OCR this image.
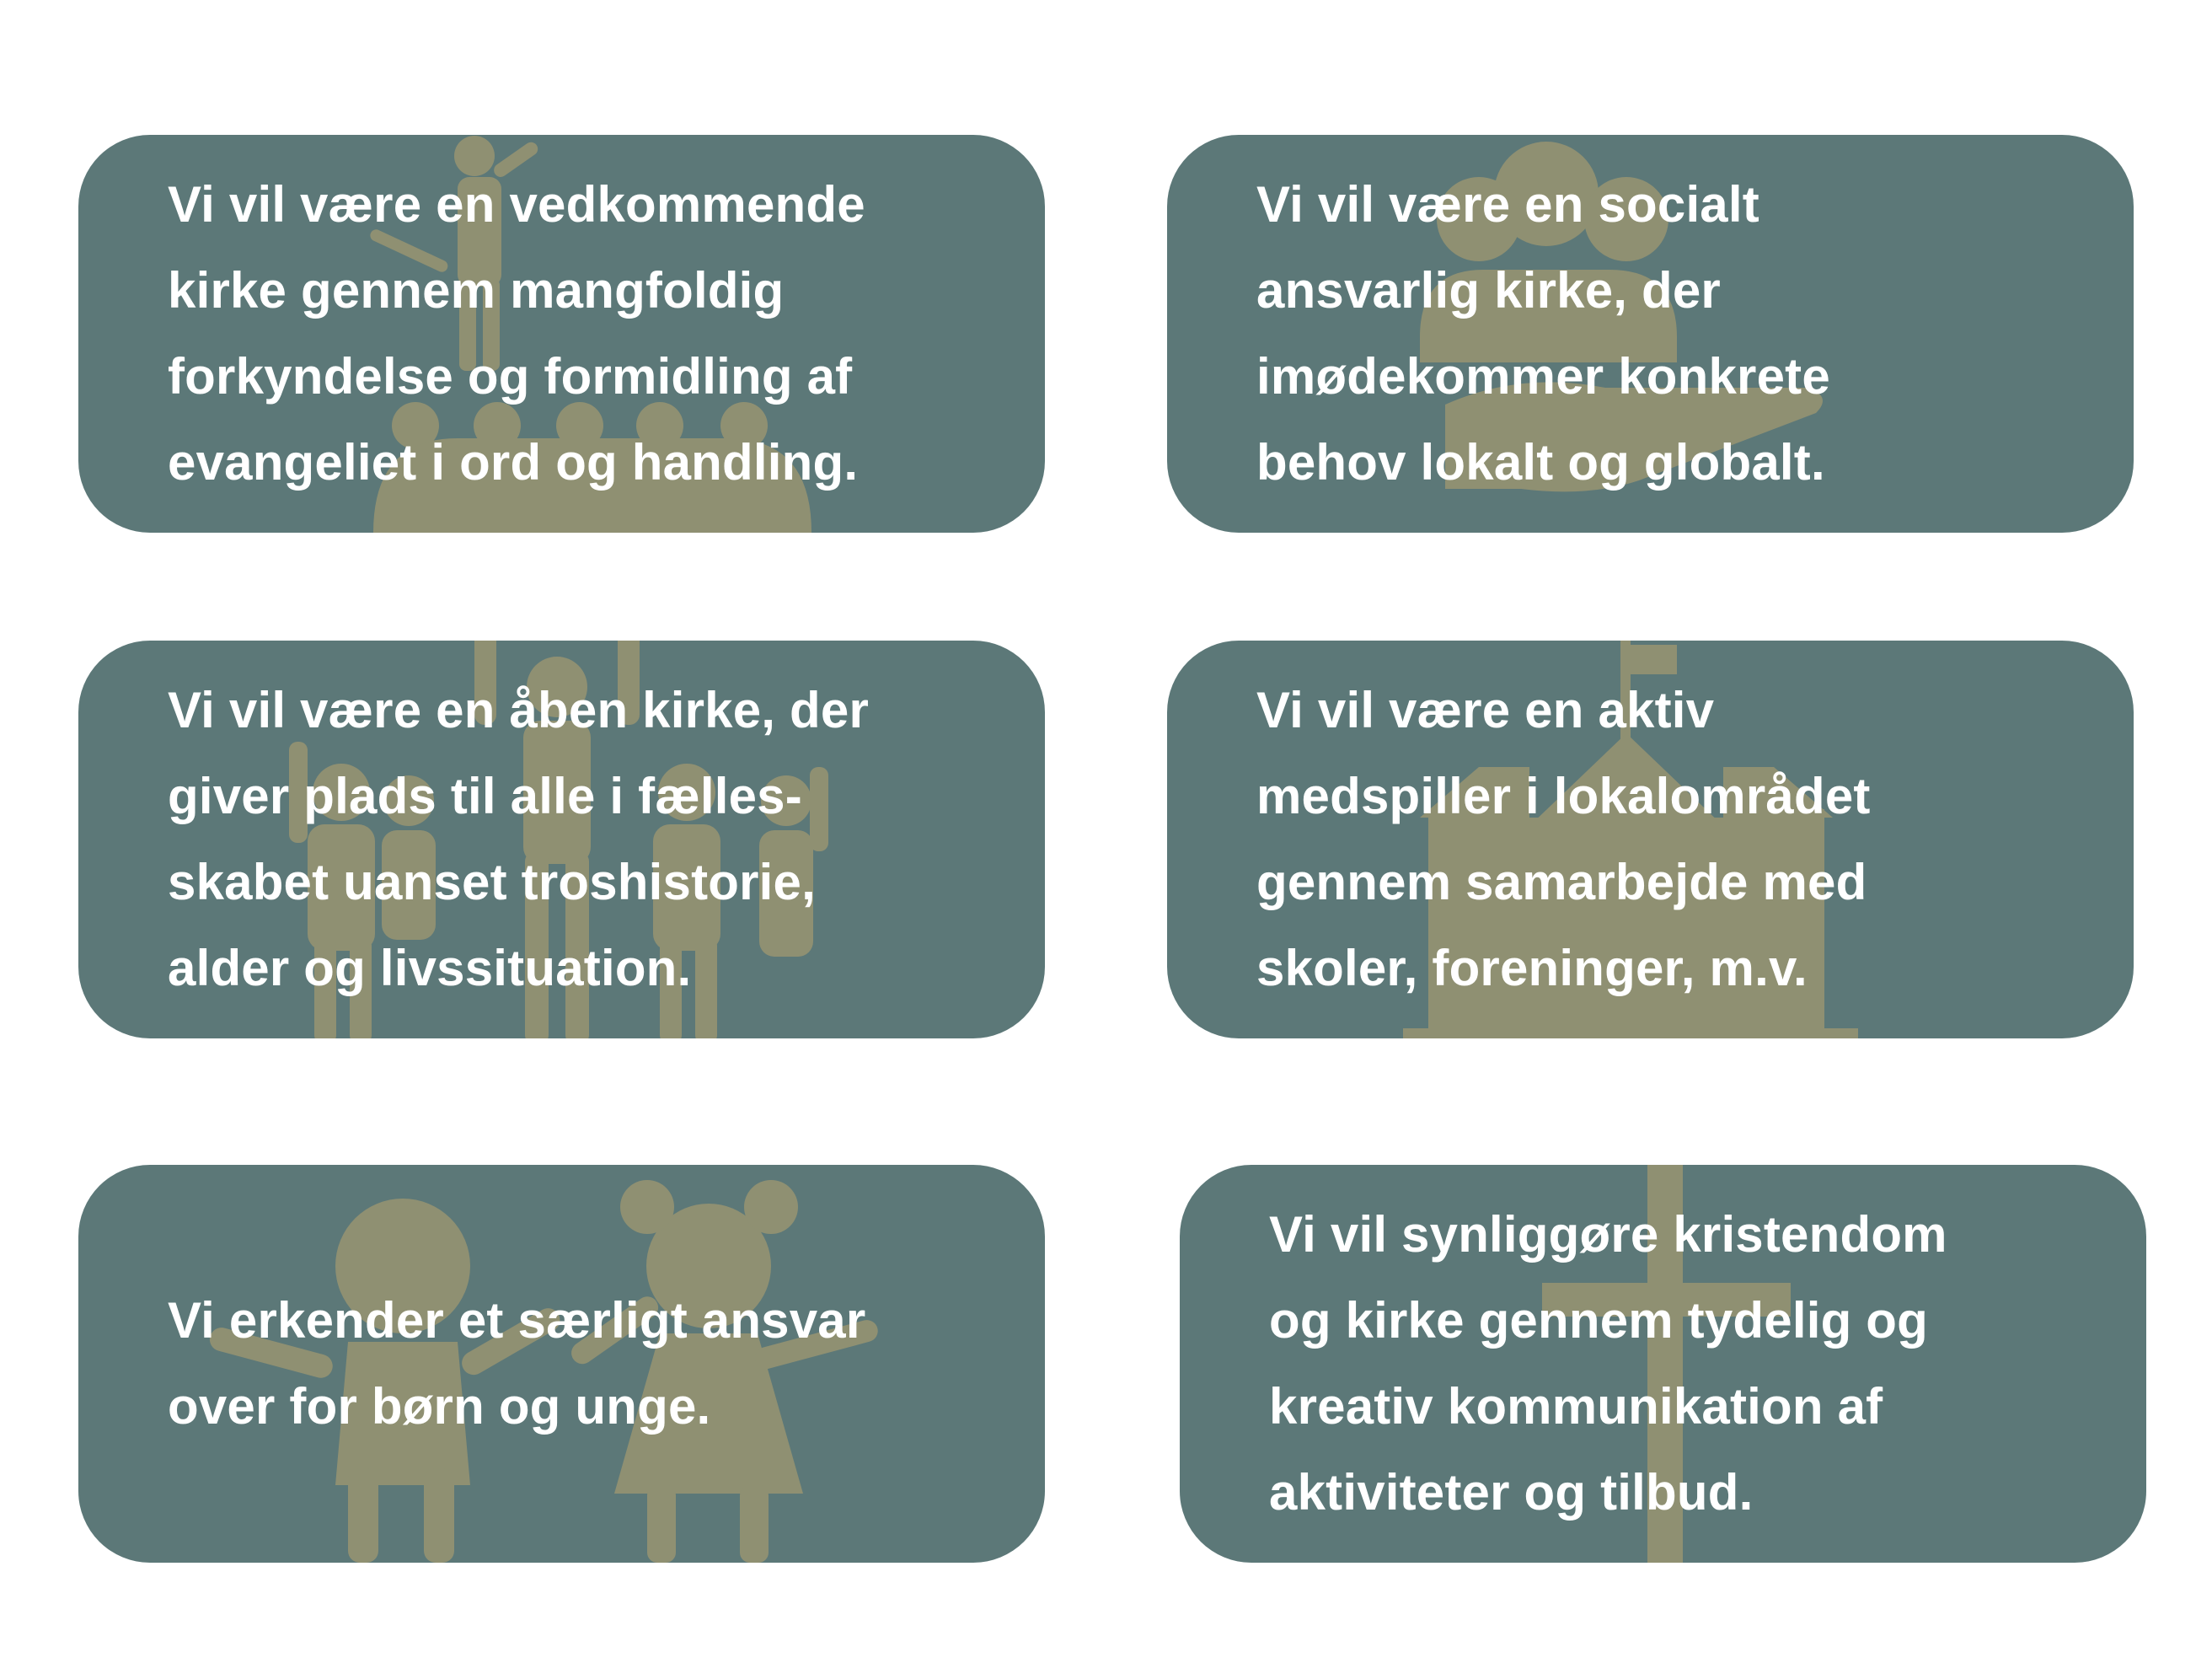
Vi vil være en vedkommende
kirke gennem mangfoldig
forkyndelse og formidling af
evangeliet i ord og handling.
Vi vil være en socialt
ansvarlig kirke, der
imødekommer konkrete
behov lokalt og globalt.
Vi vil være en åben kirke, der
giver plads til alle i fælles-
skabet uanset troshistorie,
alder og livssituation.
Vi vil være en aktiv
medspiller i lokalområdet
gennem samarbejde med
skoler, foreninger, m.v.
Vi erkender et særligt ansvar
over for børn og unge.
Vi vil synliggøre kristendom
og kirke gennem tydelig og
kreativ kommunikation af
aktiviteter og tilbud.
